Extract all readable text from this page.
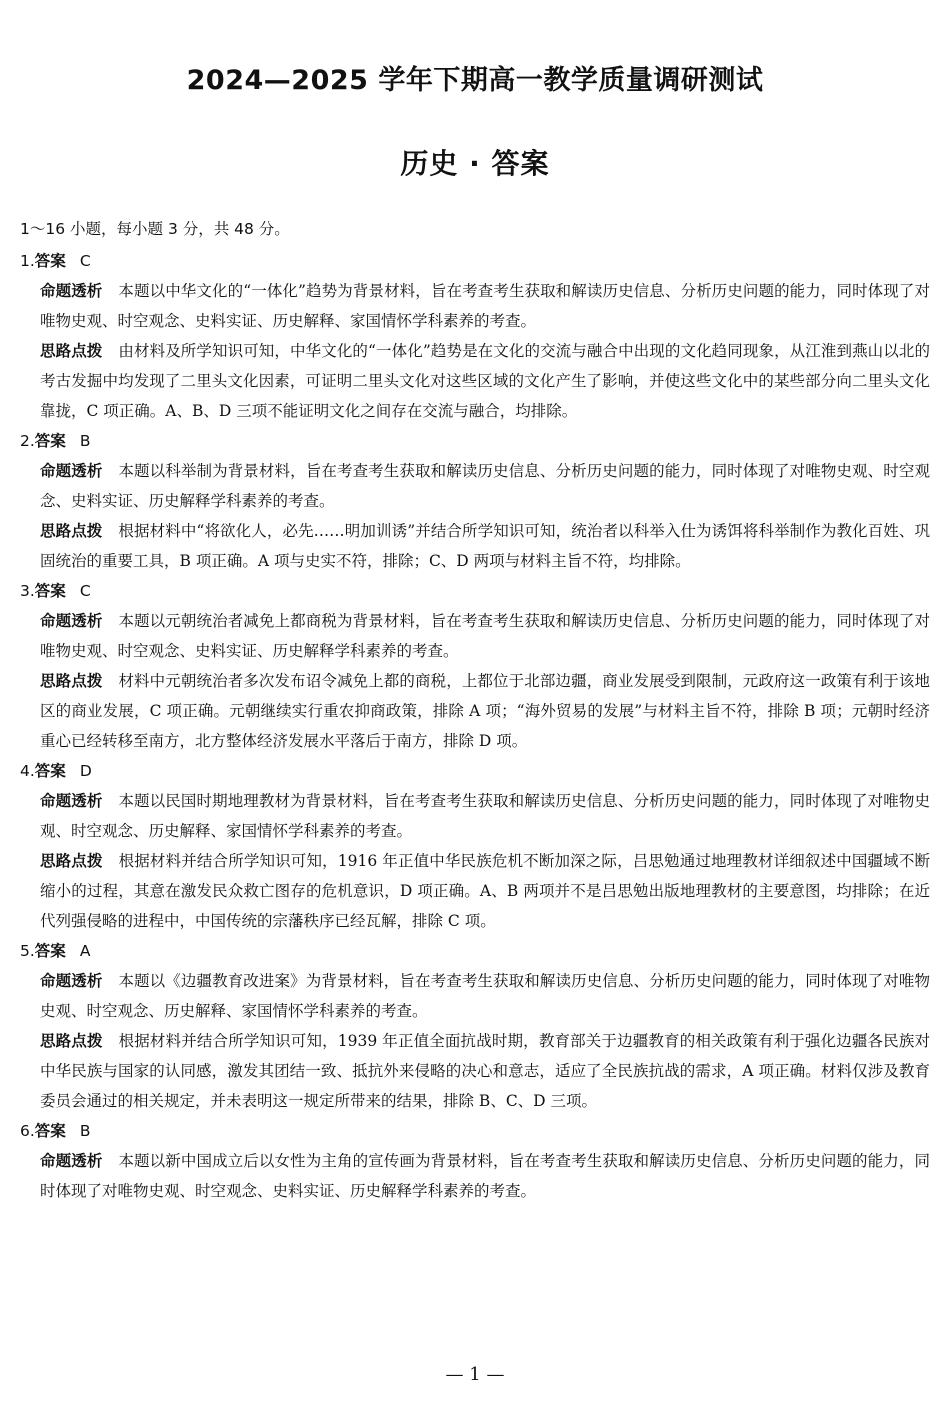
2024—2025 学年下期高一教学质量调研测试
历史 · 答案

1～16 小题，每小题 3 分，共 48 分。

1.答案 C

命题透析 本题以中华文化的“一体化”趋势为背景材料，旨在考查考生获取和解读历史信息、分析历史问题的能力，同时体现了对唯物史观、时空观念、史料实证、历史解释、家国情怀学科素养的考查。

思路点拨 由材料及所学知识可知，中华文化的“一体化”趋势是在文化的交流与融合中出现的文化趋同现象，从江淮到燕山以北的考古发掘中均发现了二里头文化因素，可证明二里头文化对这些区域的文化产生了影响，并使这些文化中的某些部分向二里头文化靠拢，C 项正确。A、B、D 三项不能证明文化之间存在交流与融合，均排除。

2.答案 B

命题透析 本题以科举制为背景材料，旨在考查考生获取和解读历史信息、分析历史问题的能力，同时体现了对唯物史观、时空观念、史料实证、历史解释学科素养的考查。

思路点拨 根据材料中“将欲化人，必先……明加训诱”并结合所学知识可知，统治者以科举入仕为诱饵将科举制作为教化百姓、巩固统治的重要工具，B 项正确。A 项与史实不符，排除；C、D 两项与材料主旨不符，均排除。

3.答案 C

命题透析 本题以元朝统治者减免上都商税为背景材料，旨在考查考生获取和解读历史信息、分析历史问题的能力，同时体现了对唯物史观、时空观念、史料实证、历史解释学科素养的考查。

思路点拨 材料中元朝统治者多次发布诏令减免上都的商税，上都位于北部边疆，商业发展受到限制，元政府这一政策有利于该地区的商业发展，C 项正确。元朝继续实行重农抑商政策，排除 A 项；“海外贸易的发展”与材料主旨不符，排除 B 项；元朝时经济重心已经转移至南方，北方整体经济发展水平落后于南方，排除 D 项。

4.答案 D

命题透析 本题以民国时期地理教材为背景材料，旨在考查考生获取和解读历史信息、分析历史问题的能力，同时体现了对唯物史观、时空观念、历史解释、家国情怀学科素养的考查。

思路点拨 根据材料并结合所学知识可知，1916 年正值中华民族危机不断加深之际，吕思勉通过地理教材详细叙述中国疆域不断缩小的过程，其意在激发民众救亡图存的危机意识，D 项正确。A、B 两项并不是吕思勉出版地理教材的主要意图，均排除；在近代列强侵略的进程中，中国传统的宗藩秩序已经瓦解，排除 C 项。

5.答案 A

命题透析 本题以《边疆教育改进案》为背景材料，旨在考查考生获取和解读历史信息、分析历史问题的能力，同时体现了对唯物史观、时空观念、历史解释、家国情怀学科素养的考查。

思路点拨 根据材料并结合所学知识可知，1939 年正值全面抗战时期，教育部关于边疆教育的相关政策有利于强化边疆各民族对中华民族与国家的认同感，激发其团结一致、抵抗外来侵略的决心和意志，适应了全民族抗战的需求，A 项正确。材料仅涉及教育委员会通过的相关规定，并未表明这一规定所带来的结果，排除 B、C、D 三项。

6.答案 B

命题透析 本题以新中国成立后以女性为主角的宣传画为背景材料，旨在考查考生获取和解读历史信息、分析历史问题的能力，同时体现了对唯物史观、时空观念、史料实证、历史解释学科素养的考查。

— 1 —
